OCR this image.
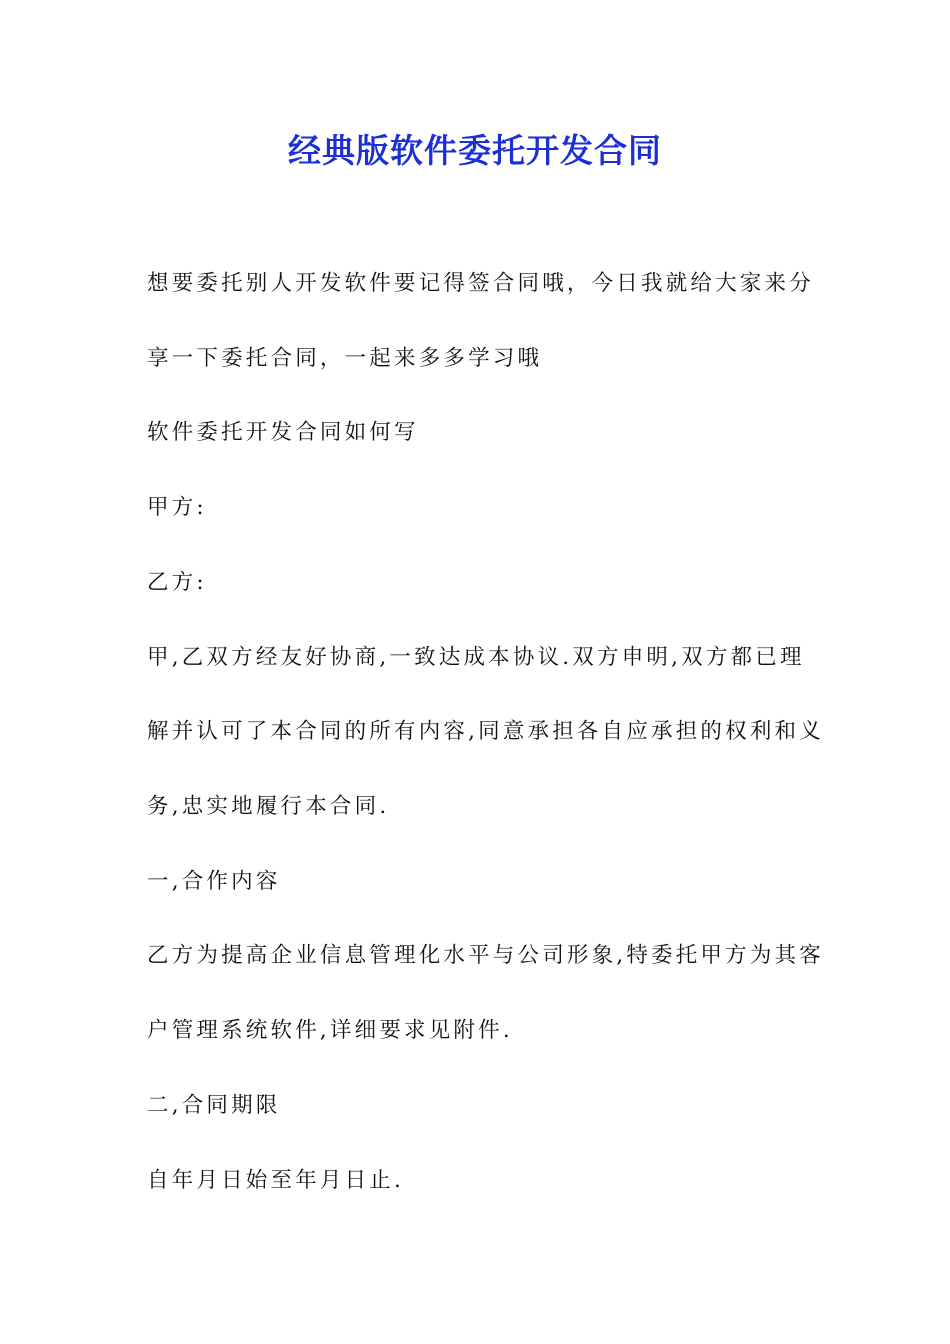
经典版软件委托开发合同
想要委托别人开发软件要记得签合同哦，今日我就给大家来分
享一下委托合同，一起来多多学习哦
软件委托开发合同如何写
甲方:
乙方:
甲,乙双方经友好协商,一致达成本协议.双方申明,双方都已理
解并认可了本合同的所有内容,同意承担各自应承担的权利和义
务,忠实地履行本合同.
一,合作内容
乙方为提高企业信息管理化水平与公司形象,特委托甲方为其客
户管理系统软件,详细要求见附件.
二,合同期限
自年月日始至年月日止.
